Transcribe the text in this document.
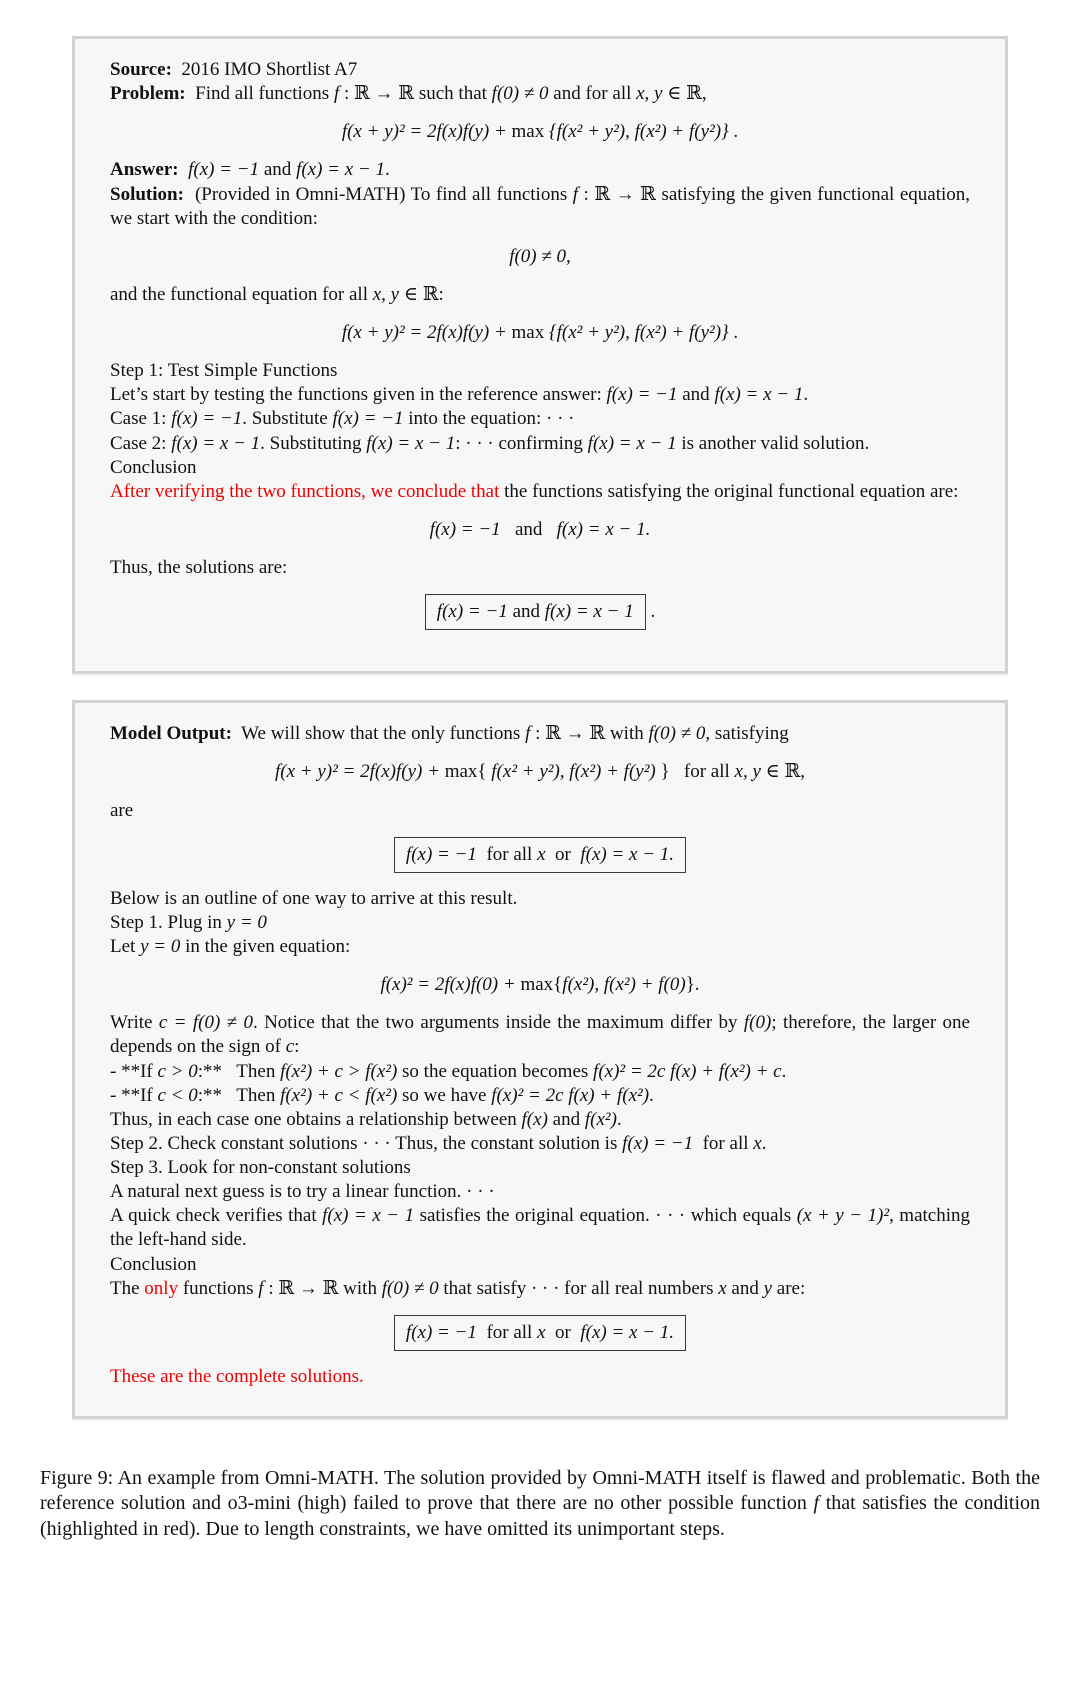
Source:  2016 IMO Shortlist A7
Problem:  Find all functions f : ℝ → ℝ such that f(0) ≠ 0 and for all x, y ∈ ℝ,
f(x + y)² = 2f(x)f(y) + max {f(x² + y²), f(x²) + f(y²)} .
Answer: f(x) = −1 and f(x) = x − 1.
Solution:  (Provided in Omni-MATH) To find all functions f : ℝ → ℝ satisfying the given functional equation, we start with the condition:
f(0) ≠ 0,
and the functional equation for all x, y ∈ ℝ:
f(x + y)² = 2f(x)f(y) + max {f(x² + y²), f(x²) + f(y²)} .
Step 1: Test Simple Functions
Let’s start by testing the functions given in the reference answer: f(x) = −1 and f(x) = x − 1.
Case 1: f(x) = −1. Substitute f(x) = −1 into the equation: · · ·
Case 2: f(x) = x − 1. Substituting f(x) = x − 1: · · · confirming f(x) = x − 1 is another valid solution.
Conclusion
After verifying the two functions, we conclude that the functions satisfying the original functional equation are:
f(x) = −1   and   f(x) = x − 1.
Thus, the solutions are:
f(x) = −1 and f(x) = x − 1 .
Model Output:  We will show that the only functions f : ℝ → ℝ with f(0) ≠ 0, satisfying
f(x + y)² = 2f(x)f(y) + max{ f(x² + y²), f(x²) + f(y²) }   for all x, y ∈ ℝ,
are
f(x) = −1  for all x  or  f(x) = x − 1.
Below is an outline of one way to arrive at this result.
Step 1. Plug in y = 0
Let y = 0 in the given equation:
f(x)² = 2f(x)f(0) + max{f(x²), f(x²) + f(0)}.
Write c = f(0) ≠ 0. Notice that the two arguments inside the maximum differ by f(0); therefore, the larger one depends on the sign of c:
- **If c > 0:**   Then f(x²) + c > f(x²) so the equation becomes f(x)² = 2c f(x) + f(x²) + c.
- **If c < 0:**   Then f(x²) + c < f(x²) so we have f(x)² = 2c f(x) + f(x²).
Thus, in each case one obtains a relationship between f(x) and f(x²).
Step 2. Check constant solutions · · · Thus, the constant solution is f(x) = −1  for all x.
Step 3. Look for non-constant solutions
A natural next guess is to try a linear function. · · ·
A quick check verifies that f(x) = x − 1 satisfies the original equation. · · · which equals (x + y − 1)², matching the left-hand side.
Conclusion
The only functions f : ℝ → ℝ with f(0) ≠ 0 that satisfy · · · for all real numbers x and y are:
f(x) = −1  for all x  or  f(x) = x − 1.
These are the complete solutions.
Figure 9: An example from Omni-MATH. The solution provided by Omni-MATH itself is flawed and problematic. Both the reference solution and o3-mini (high) failed to prove that there are no other possible function f that satisfies the condition (highlighted in red). Due to length constraints, we have omitted its unimportant steps.
